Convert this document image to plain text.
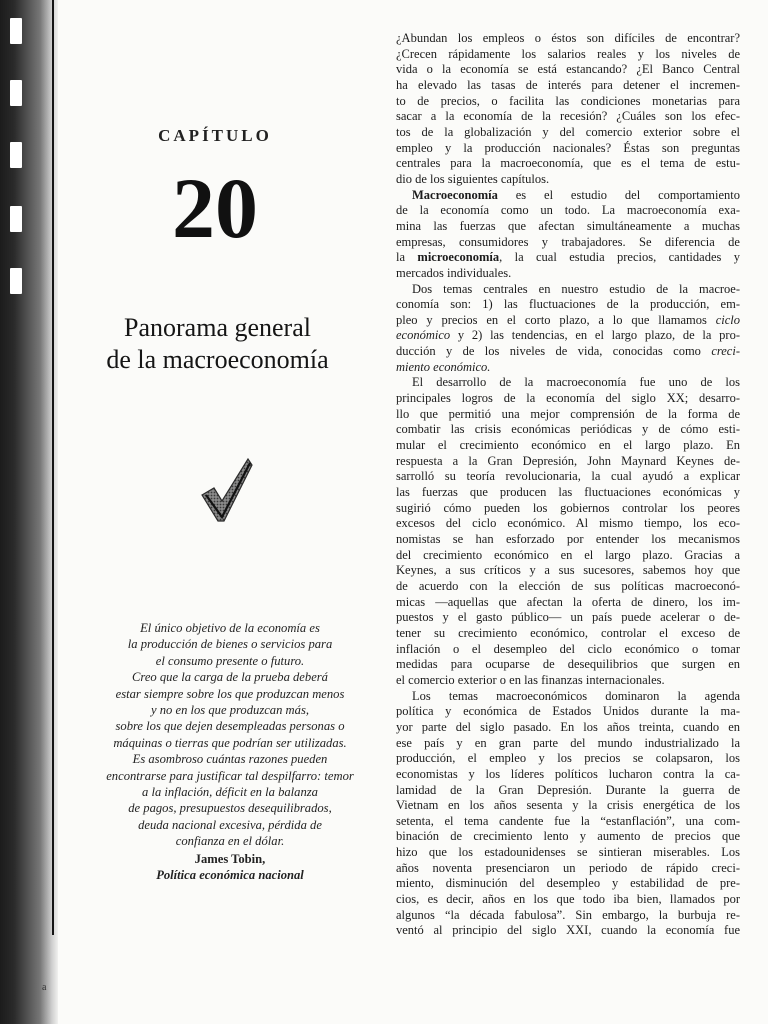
a
CAPÍTULO
20
Panorama general
de la macroeconomía
El único objetivo de la economía es
la producción de bienes o servicios para
el consumo presente o futuro.
Creo que la carga de la prueba deberá
estar siempre sobre los que produzcan menos
y no en los que produzcan más,
sobre los que dejen desempleadas personas o
máquinas o tierras que podrían ser utilizadas.
Es asombroso cuántas razones pueden
encontrarse para justificar tal despilfarro: temor
a la inflación, déficit en la balanza
de pagos, presupuestos desequilibrados,
deuda nacional excesiva, pérdida de
confianza en el dólar.
James Tobin,
Política económica nacional

¿Abundan los empleos o éstos son difíciles de encontrar?
¿Crecen rápidamente los salarios reales y los niveles de
vida o la economía se está estancando? ¿El Banco Central
ha elevado las tasas de interés para detener el incremen-
to de precios, o facilita las condiciones monetarias para
sacar a la economía de la recesión? ¿Cuáles son los efec-
tos de la globalización y del comercio exterior sobre el
empleo y la producción nacionales? Éstas son preguntas
centrales para la macroeconomía, que es el tema de estu-
dio de los siguientes capítulos.

Macroeconomía es el estudio del comportamiento
de la economía como un todo. La macroeconomía exa-
mina las fuerzas que afectan simultáneamente a muchas
empresas, consumidores y trabajadores. Se diferencia de
la microeconomía, la cual estudia precios, cantidades y
mercados individuales.

Dos temas centrales en nuestro estudio de la macroe-
conomía son: 1) las fluctuaciones de la producción, em-
pleo y precios en el corto plazo, a lo que llamamos ciclo
económico y 2) las tendencias, en el largo plazo, de la pro-
ducción y de los niveles de vida, conocidas como creci-
miento económico.

El desarrollo de la macroeconomía fue uno de los
principales logros de la economía del siglo XX; desarro-
llo que permitió una mejor comprensión de la forma de
combatir las crisis económicas periódicas y de cómo esti-
mular el crecimiento económico en el largo plazo. En
respuesta a la Gran Depresión, John Maynard Keynes de-
sarrolló su teoría revolucionaria, la cual ayudó a explicar
las fuerzas que producen las fluctuaciones económicas y
sugirió cómo pueden los gobiernos controlar los peores
excesos del ciclo económico. Al mismo tiempo, los eco-
nomistas se han esforzado por entender los mecanismos
del crecimiento económico en el largo plazo. Gracias a
Keynes, a sus críticos y a sus sucesores, sabemos hoy que
de acuerdo con la elección de sus políticas macroeconó-
micas —aquellas que afectan la oferta de dinero, los im-
puestos y el gasto público— un país puede acelerar o de-
tener su crecimiento económico, controlar el exceso de
inflación o el desempleo del ciclo económico o tomar
medidas para ocuparse de desequilibrios que surgen en
el comercio exterior o en las finanzas internacionales.

Los temas macroeconómicos dominaron la agenda
política y económica de Estados Unidos durante la ma-
yor parte del siglo pasado. En los años treinta, cuando en
ese país y en gran parte del mundo industrializado la
producción, el empleo y los precios se colapsaron, los
economistas y los líderes políticos lucharon contra la ca-
lamidad de la Gran Depresión. Durante la guerra de
Vietnam en los años sesenta y la crisis energética de los
setenta, el tema candente fue la “estanflación”, una com-
binación de crecimiento lento y aumento de precios que
hizo que los estadounidenses se sintieran miserables. Los
años noventa presenciaron un periodo de rápido creci-
miento, disminución del desempleo y estabilidad de pre-
cios, es decir, años en los que todo iba bien, llamados por
algunos “la década fabulosa”. Sin embargo, la burbuja re-
ventó al principio del siglo XXI, cuando la economía fue
